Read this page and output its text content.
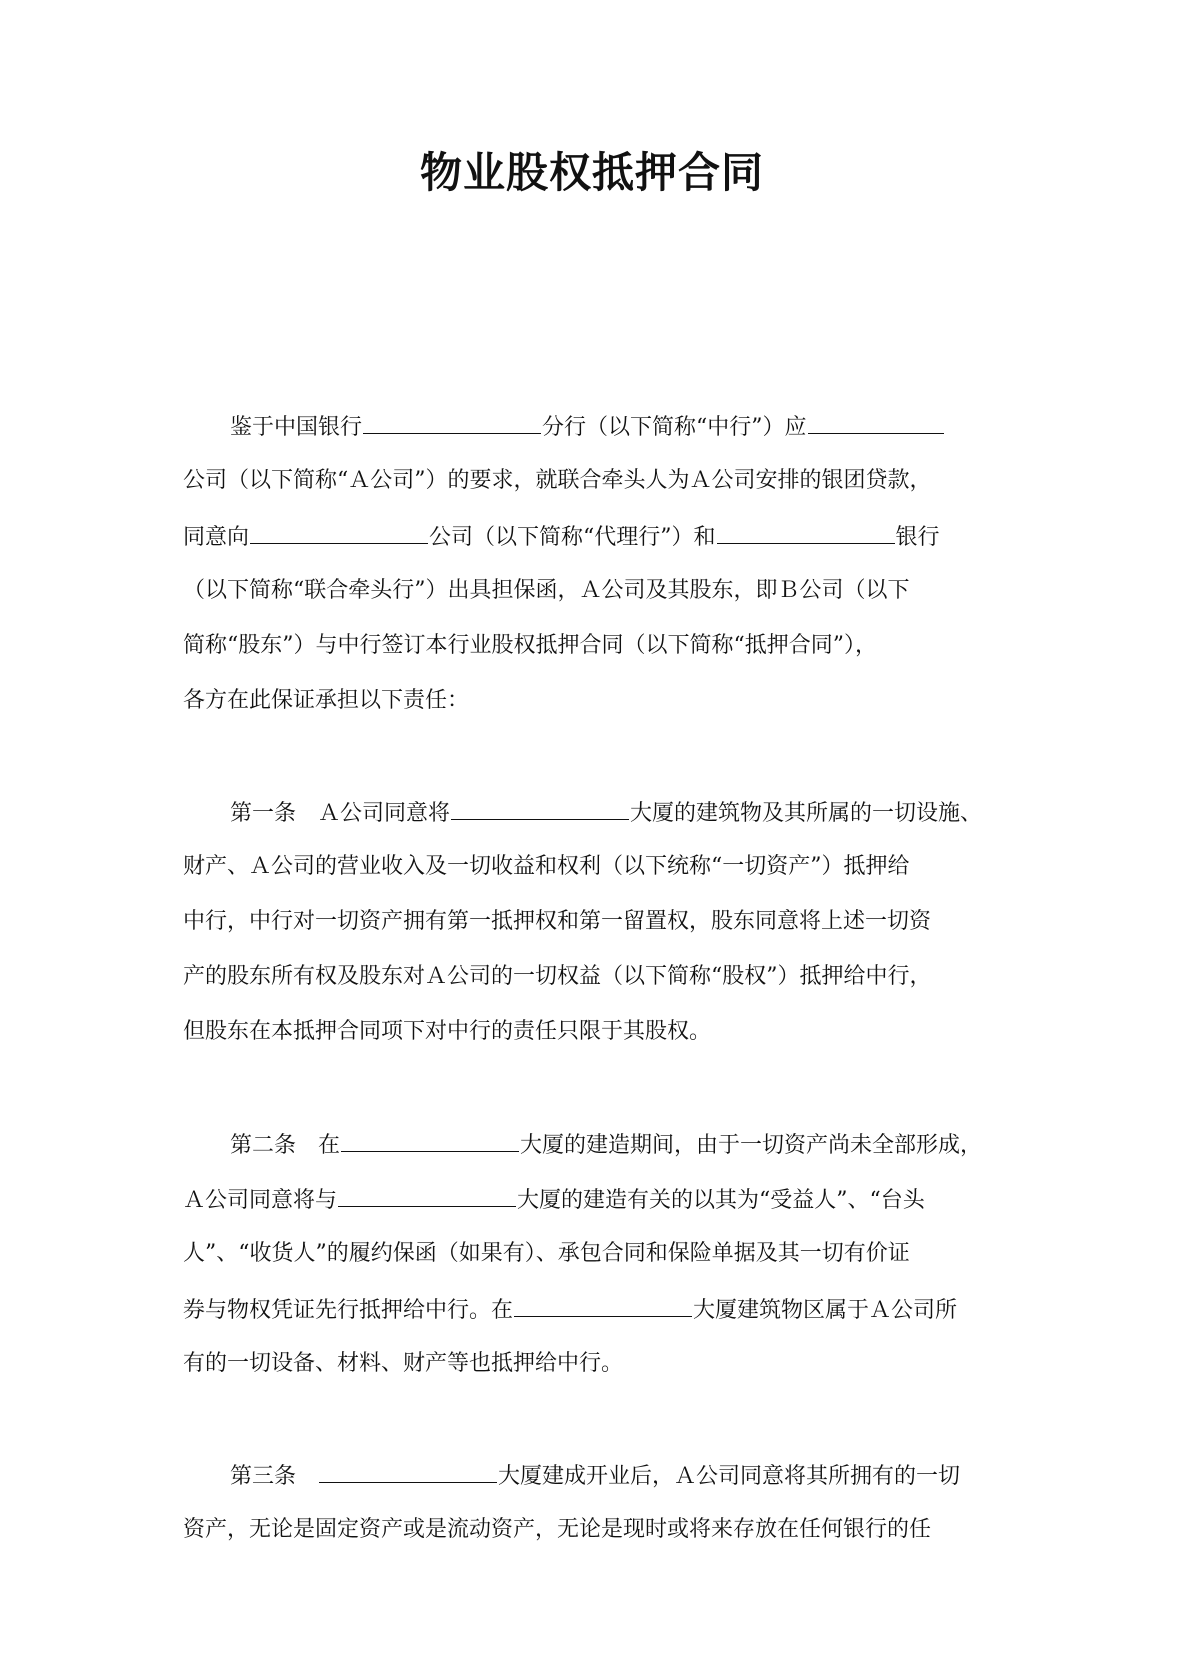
物业股权抵押合同
鉴于中国银行	分行（以下简称“中行”）应
公司（以下简称“Ａ公司”）的要求，就联合牵头人为Ａ公司安排的银团贷款，
同意向	公司（以下简称“代理行”）和	银行
（以下简称“联合牵头行”）出具担保函，Ａ公司及其股东，即Ｂ公司（以下
简称“股东”）与中行签订本行业股权抵押合同（以下简称“抵押合同”），
各方在此保证承担以下责任：
第一条　Ａ公司同意将	大厦的建筑物及其所属的一切设施、
财产、Ａ公司的营业收入及一切收益和权利（以下统称“一切资产”）抵押给
中行，中行对一切资产拥有第一抵押权和第一留置权，股东同意将上述一切资
产的股东所有权及股东对Ａ公司的一切权益（以下简称“股权”）抵押给中行，
但股东在本抵押合同项下对中行的责任只限于其股权。
第二条　在	大厦的建造期间，由于一切资产尚未全部形成，
Ａ公司同意将与	大厦的建造有关的以其为“受益人”、“台头
人”、“收货人”的履约保函（如果有）、承包合同和保险单据及其一切有价证
券与物权凭证先行抵押给中行。在	大厦建筑物区属于Ａ公司所
有的一切设备、材料、财产等也抵押给中行。
第三条　	大厦建成开业后，Ａ公司同意将其所拥有的一切
资产，无论是固定资产或是流动资产，无论是现时或将来存放在任何银行的任
